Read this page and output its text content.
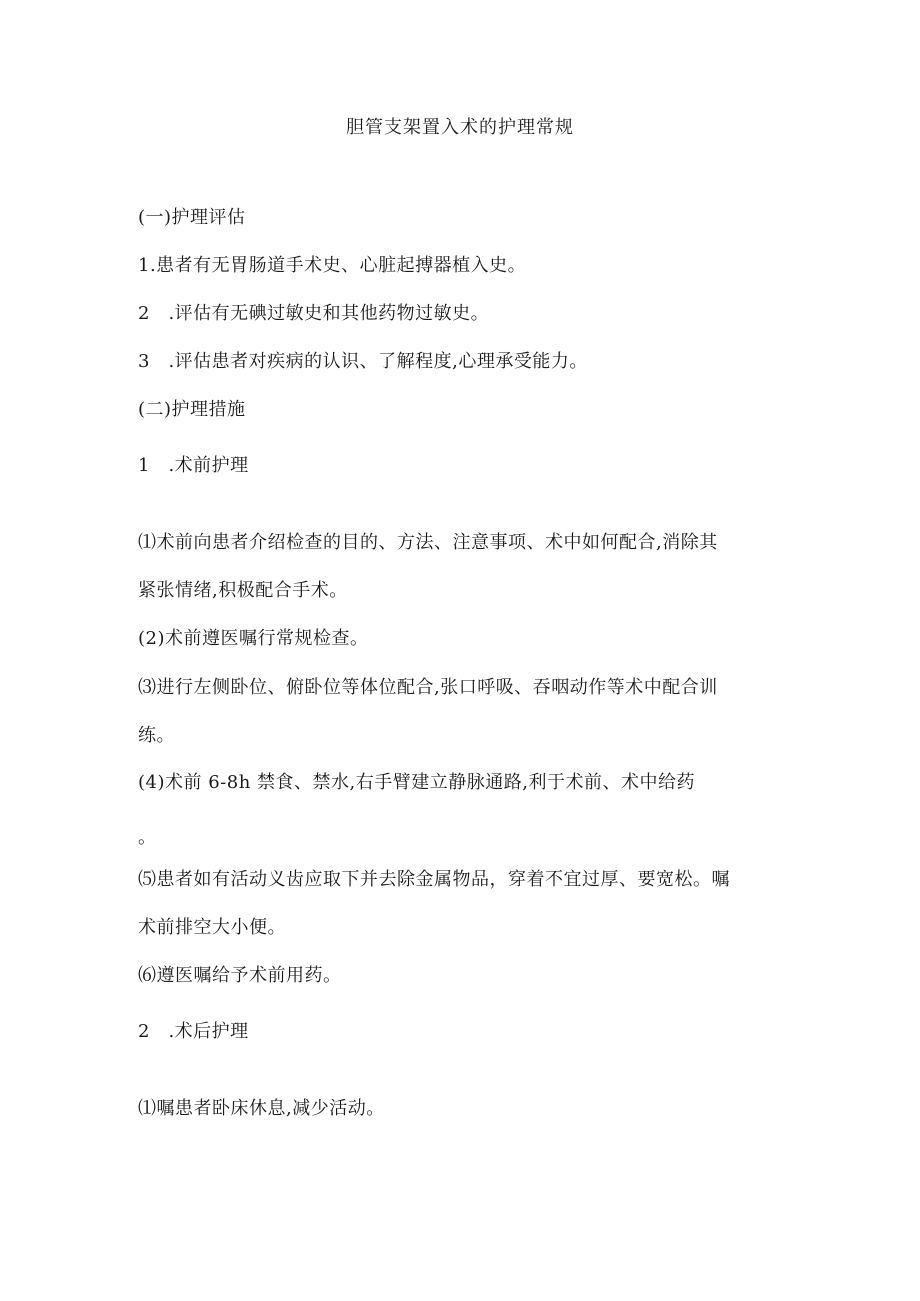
胆管支架置入术的护理常规
(一)护理评估
1.患者有无胃肠道手术史、心脏起搏器植入史。
2　.评估有无碘过敏史和其他药物过敏史。
3　.评估患者对疾病的认识、了解程度,心理承受能力。
(二)护理措施
1　.术前护理
⑴术前向患者介绍检查的目的、方法、注意事项、术中如何配合,消除其
紧张情绪,积极配合手术。
(2)术前遵医嘱行常规检查。
⑶进行左侧卧位、俯卧位等体位配合,张口呼吸、吞咽动作等术中配合训
练。
(4)术前 6-8h 禁食、禁水,右手臂建立静脉通路,利于术前、术中给药
。
⑸患者如有活动义齿应取下并去除金属物品，穿着不宜过厚、要宽松。嘱
术前排空大小便。
⑹遵医嘱给予术前用药。
2　.术后护理
⑴嘱患者卧床休息,减少活动。
